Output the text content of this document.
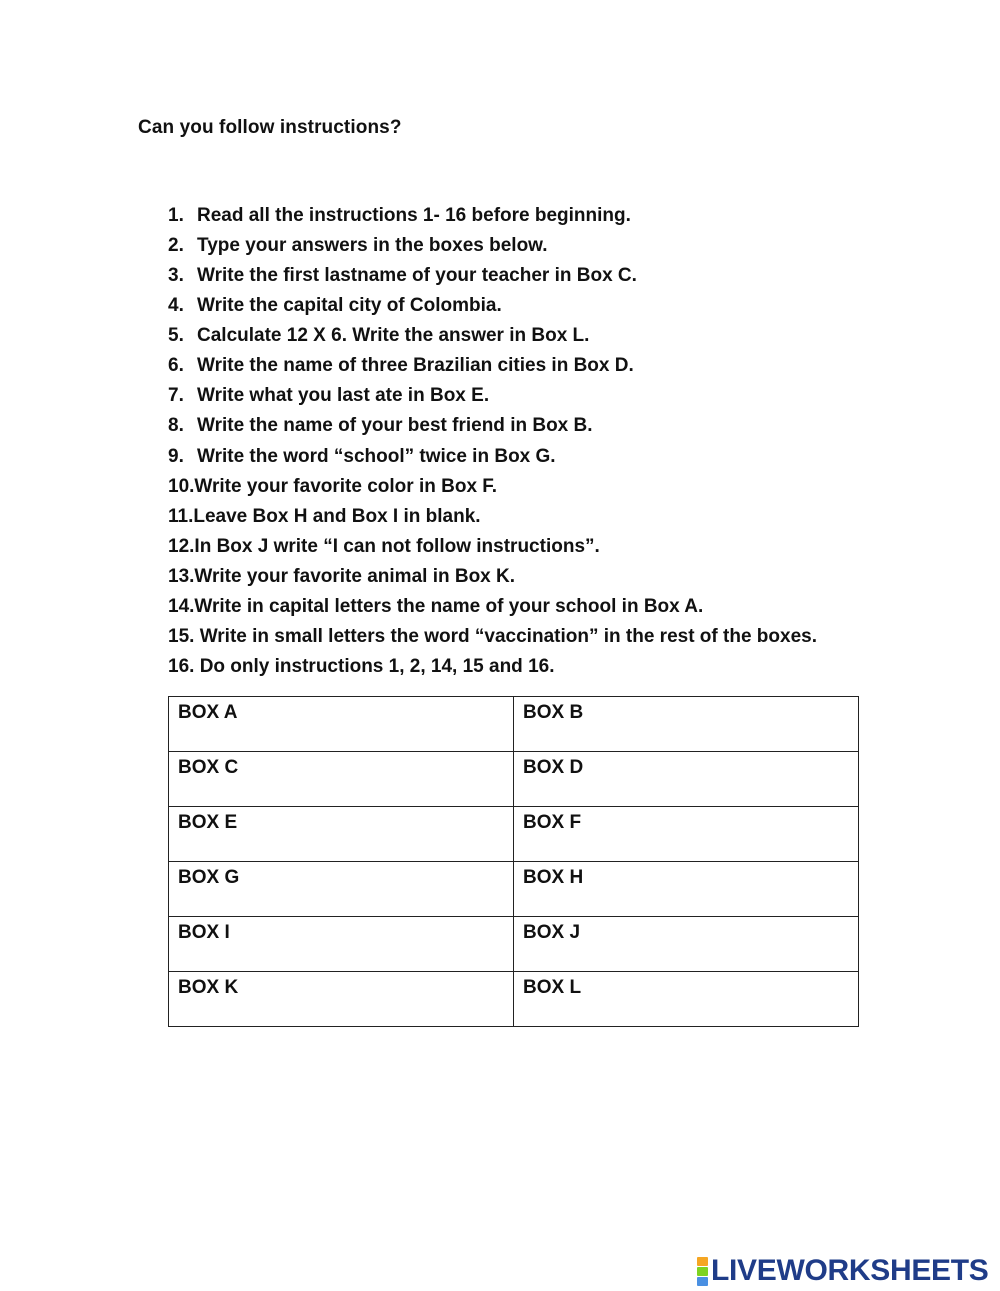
Can you follow instructions?
1. Read all the instructions 1- 16 before beginning.
2. Type your answers in the boxes below.
3. Write the first lastname of your teacher in Box C.
4. Write the capital city of Colombia.
5. Calculate 12 X 6. Write the answer in Box L.
6. Write the name of three Brazilian cities in Box D.
7. Write what you last ate in Box E.
8. Write the name of your best friend in Box B.
9. Write the word “school” twice in Box G.
10.Write your favorite color in Box F.
11.Leave Box H and Box I in blank.
12.In Box J write “I can not follow instructions”.
13.Write your favorite animal in Box K.
14.Write in capital letters the name of your school in Box A.
15. Write in small letters the word “vaccination” in the rest of the boxes.
16. Do only instructions 1, 2, 14, 15 and 16.
BOX A	BOX B
BOX C	BOX D
BOX E	BOX F
BOX G	BOX H
BOX I	BOX J
BOX K	BOX L
LIVEWORKSHEETS
